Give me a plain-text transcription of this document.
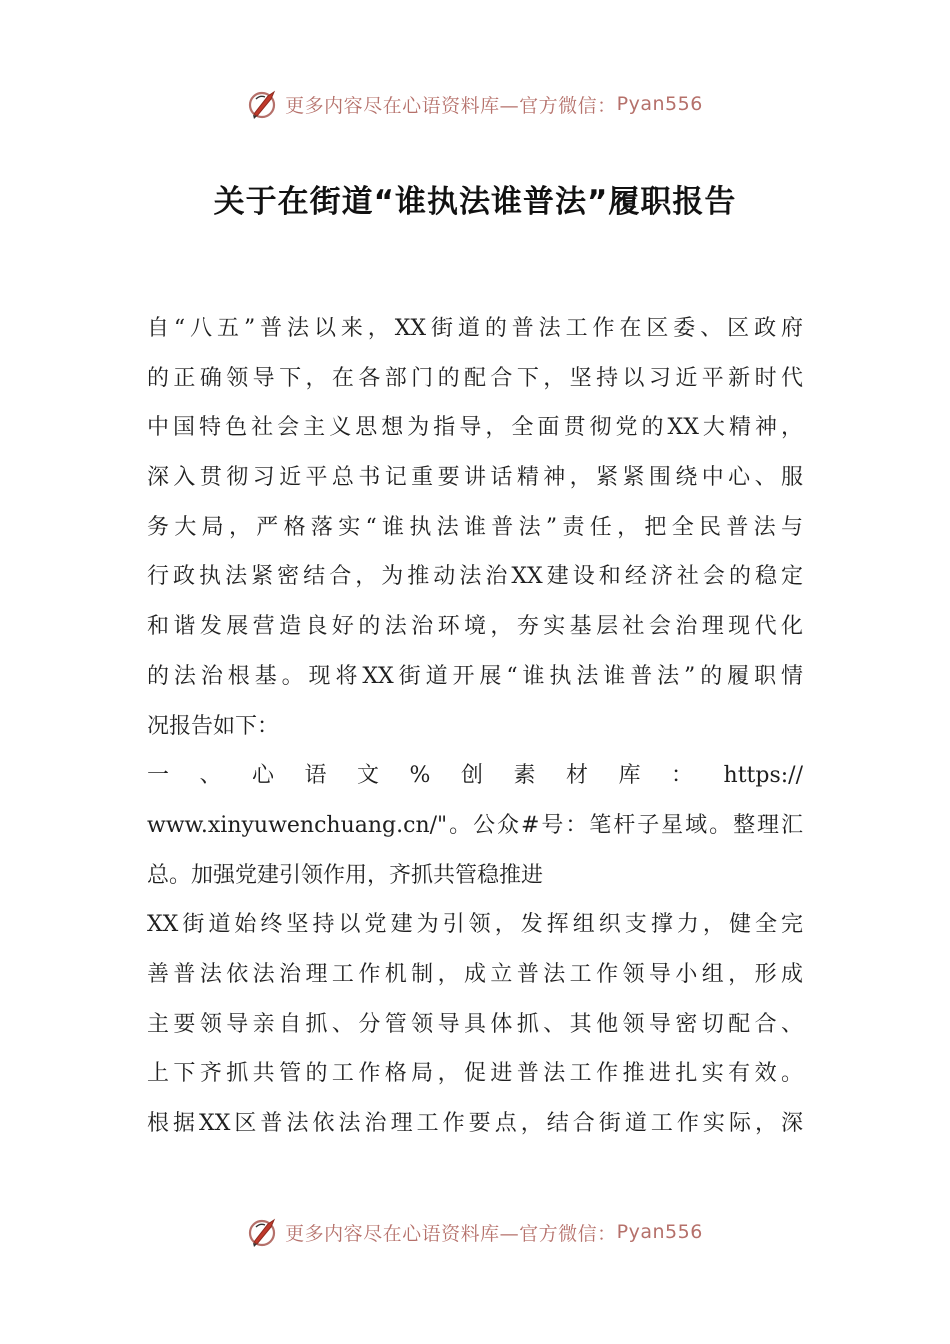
更多内容尽在心语资料库—官方微信： Pyan556
关于在街道“谁执法谁普法”履职报告
自“八五”普法以来，XX街道的普法工作在区委、区政府
的正确领导下，在各部门的配合下，坚持以习近平新时代
中国特色社会主义思想为指导，全面贯彻党的XX大精神，
深入贯彻习近平总书记重要讲话精神，紧紧围绕中心、服
务大局，严格落实“谁执法谁普法”责任，把全民普法与
行政执法紧密结合，为推动法治XX建设和经济社会的稳定
和谐发展营造良好的法治环境，夯实基层社会治理现代化
的法治根基。现将XX街道开展“谁执法谁普法”的履职情
况报告如下：
一、心语文%创素材库：https://
www.xinyuwenchuang.cn/"。公众#号：笔杆子星域。整理汇
总。加强党建引领作用，齐抓共管稳推进
XX街道始终坚持以党建为引领，发挥组织支撑力，健全完
善普法依法治理工作机制，成立普法工作领导小组，形成
主要领导亲自抓、分管领导具体抓、其他领导密切配合、
上下齐抓共管的工作格局，促进普法工作推进扎实有效。
根据XX区普法依法治理工作要点，结合街道工作实际，深
更多内容尽在心语资料库—官方微信： Pyan556
